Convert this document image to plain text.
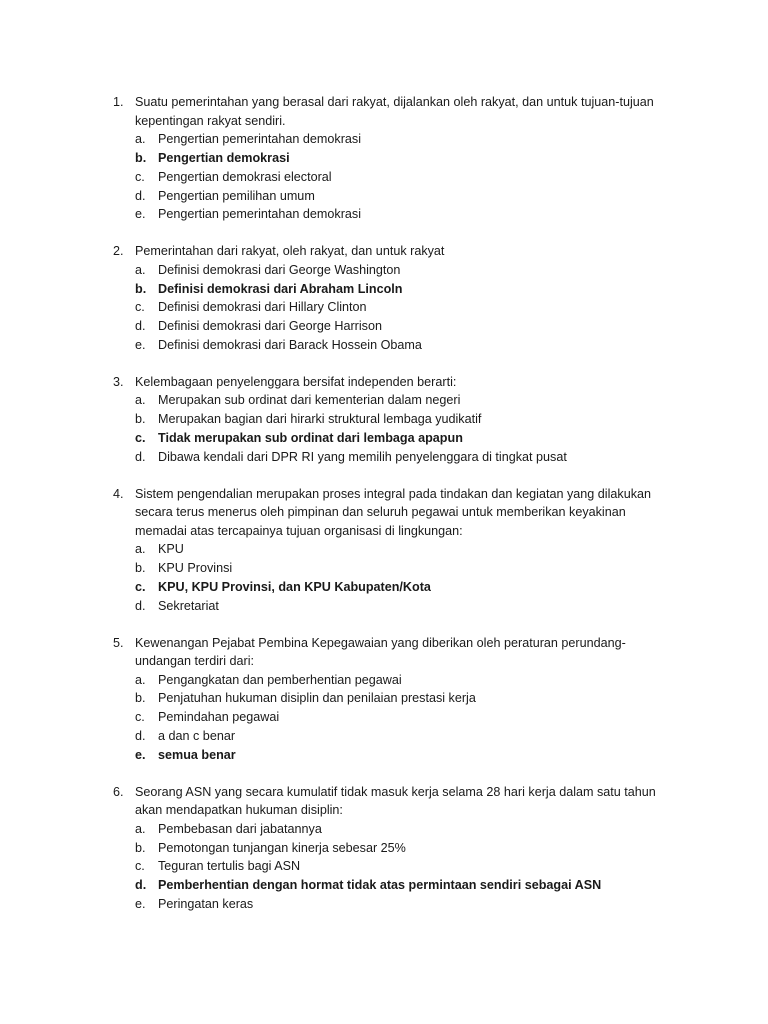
1. Suatu pemerintahan yang berasal dari rakyat, dijalankan oleh rakyat, dan untuk tujuan-tujuan kepentingan rakyat sendiri.
a. Pengertian pemerintahan demokrasi
b. Pengertian demokrasi
c.	Pengertian demokrasi electoral
d. Pengertian pemilihan umum
e. Pengertian pemerintahan demokrasi
2. Pemerintahan dari rakyat, oleh rakyat, dan untuk rakyat
a. Definisi demokrasi dari George Washington
b. Definisi demokrasi dari Abraham Lincoln
c.	Definisi demokrasi dari Hillary Clinton
d. Definisi demokrasi dari George Harrison
e. Definisi demokrasi dari Barack Hossein Obama
3. Kelembagaan penyelenggara bersifat independen berarti:
a. Merupakan sub ordinat dari kementerian dalam negeri
b. Merupakan bagian dari hirarki struktural lembaga yudikatif
c. Tidak merupakan sub ordinat dari lembaga apapun
d. Dibawa kendali dari DPR RI yang memilih penyelenggara di tingkat pusat
4. Sistem pengendalian merupakan proses integral pada tindakan dan kegiatan yang dilakukan secara terus menerus oleh pimpinan dan seluruh pegawai untuk memberikan keyakinan memadai atas tercapainya tujuan organisasi di lingkungan:
a. KPU
b. KPU Provinsi
c. KPU, KPU Provinsi, dan KPU Kabupaten/Kota
d. Sekretariat
5. Kewenangan Pejabat Pembina Kepegawaian yang diberikan oleh peraturan perundang-undangan terdiri dari:
a. Pengangkatan dan pemberhentian pegawai
b. Penjatuhan hukuman disiplin dan penilaian prestasi kerja
c.	Pemindahan pegawai
d. a dan c benar
e. semua benar
6. Seorang ASN yang secara kumulatif tidak masuk kerja selama 28 hari kerja dalam satu tahun akan mendapatkan hukuman disiplin:
a. Pembebasan dari jabatannya
b. Pemotongan tunjangan kinerja sebesar 25%
c.	Teguran tertulis bagi ASN
d. Pemberhentian dengan hormat tidak atas permintaan sendiri sebagai ASN
e. Peringatan keras
